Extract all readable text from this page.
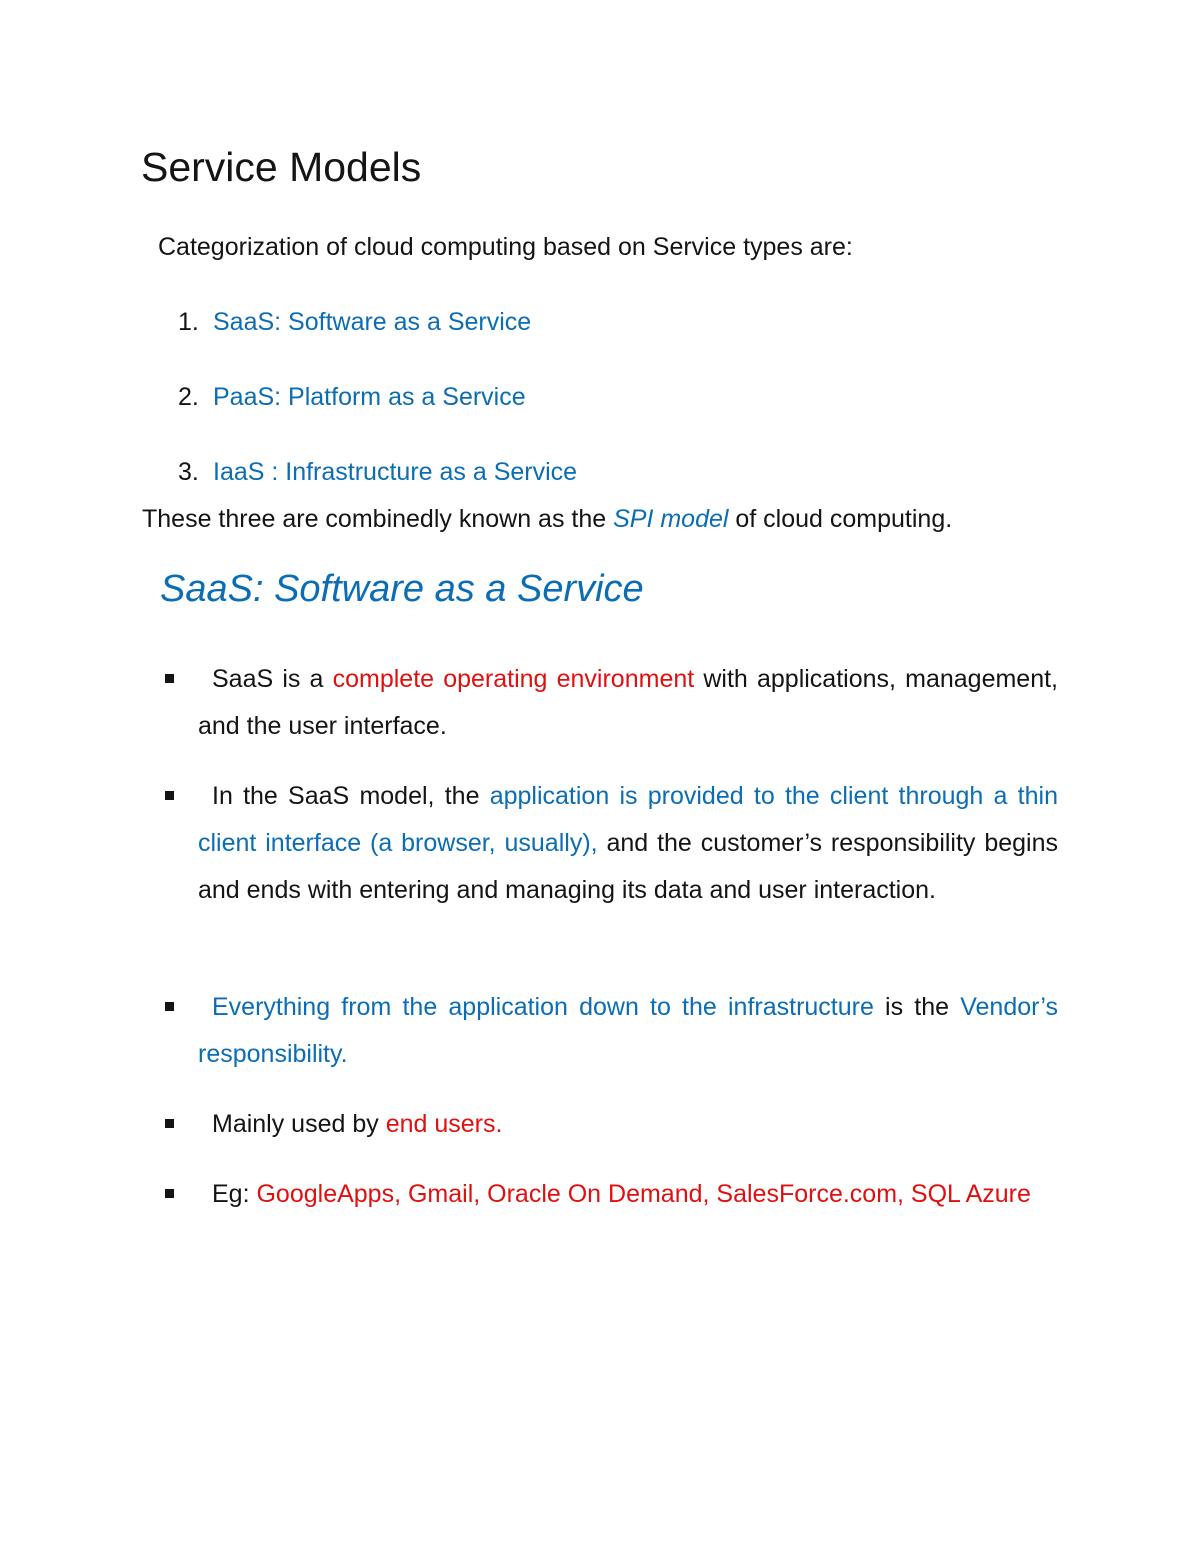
Service Models

Categorization of cloud computing based on Service types are:

1. SaaS: Software as a Service
2. PaaS: Platform as a Service
3. IaaS : Infrastructure as a Service

These three are combinedly known as the SPI model of cloud computing.

SaaS: Software as a Service
SaaS is a complete operating environment with applications, management, and the user interface.
In the SaaS model, the application is provided to the client through a thin client interface (a browser, usually), and the customer’s responsibility begins and ends with entering and managing its data and user interaction.
Everything from the application down to the infrastructure is the Vendor’s responsibility.
Mainly used by end users.
Eg: GoogleApps, Gmail, Oracle On Demand, SalesForce.com, SQL Azure
